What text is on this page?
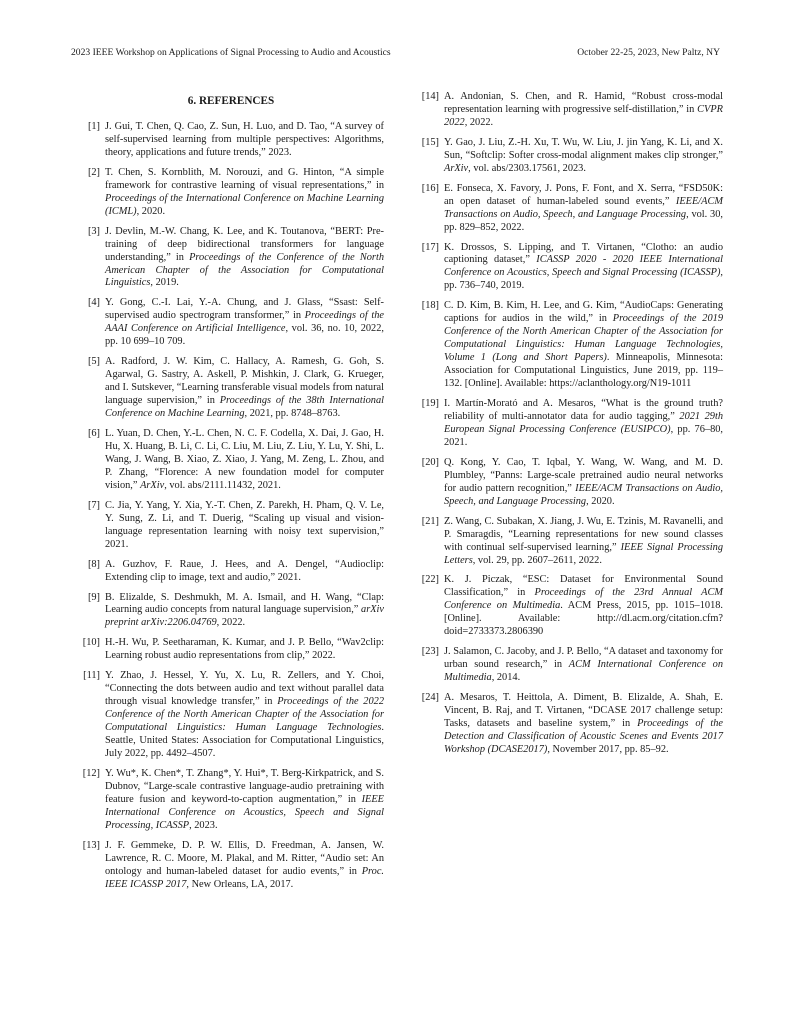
2023 IEEE Workshop on Applications of Signal Processing to Audio and Acoustics	October 22-25, 2023, New Paltz, NY
6. REFERENCES
[1] J. Gui, T. Chen, Q. Cao, Z. Sun, H. Luo, and D. Tao, “A survey of self-supervised learning from multiple perspectives: Algorithms, theory, applications and future trends,” 2023.
[2] T. Chen, S. Kornblith, M. Norouzi, and G. Hinton, “A simple framework for contrastive learning of visual representations,” in Proceedings of the International Conference on Machine Learning (ICML), 2020.
[3] J. Devlin, M.-W. Chang, K. Lee, and K. Toutanova, “BERT: Pre-training of deep bidirectional transformers for language understanding,” in Proceedings of the Conference of the North American Chapter of the Association for Computational Linguistics, 2019.
[4] Y. Gong, C.-I. Lai, Y.-A. Chung, and J. Glass, “Ssast: Self-supervised audio spectrogram transformer,” in Proceedings of the AAAI Conference on Artificial Intelligence, vol. 36, no. 10, 2022, pp. 10 699–10 709.
[5] A. Radford, J. W. Kim, C. Hallacy, A. Ramesh, G. Goh, S. Agarwal, G. Sastry, A. Askell, P. Mishkin, J. Clark, G. Krueger, and I. Sutskever, “Learning transferable visual models from natural language supervision,” in Proceedings of the 38th International Conference on Machine Learning, 2021, pp. 8748–8763.
[6] L. Yuan, D. Chen, Y.-L. Chen, N. C. F. Codella, X. Dai, J. Gao, H. Hu, X. Huang, B. Li, C. Li, C. Liu, M. Liu, Z. Liu, Y. Lu, Y. Shi, L. Wang, J. Wang, B. Xiao, Z. Xiao, J. Yang, M. Zeng, L. Zhou, and P. Zhang, “Florence: A new foundation model for computer vision,” ArXiv, vol. abs/2111.11432, 2021.
[7] C. Jia, Y. Yang, Y. Xia, Y.-T. Chen, Z. Parekh, H. Pham, Q. V. Le, Y. Sung, Z. Li, and T. Duerig, “Scaling up visual and vision-language representation learning with noisy text supervision,” 2021.
[8] A. Guzhov, F. Raue, J. Hees, and A. Dengel, “Audioclip: Extending clip to image, text and audio,” 2021.
[9] B. Elizalde, S. Deshmukh, M. A. Ismail, and H. Wang, “Clap: Learning audio concepts from natural language supervision,” arXiv preprint arXiv:2206.04769, 2022.
[10] H.-H. Wu, P. Seetharaman, K. Kumar, and J. P. Bello, “Wav2clip: Learning robust audio representations from clip,” 2022.
[11] Y. Zhao, J. Hessel, Y. Yu, X. Lu, R. Zellers, and Y. Choi, “Connecting the dots between audio and text without parallel data through visual knowledge transfer,” in Proceedings of the 2022 Conference of the North American Chapter of the Association for Computational Linguistics: Human Language Technologies. Seattle, United States: Association for Computational Linguistics, July 2022, pp. 4492–4507.
[12] Y. Wu*, K. Chen*, T. Zhang*, Y. Hui*, T. Berg-Kirkpatrick, and S. Dubnov, “Large-scale contrastive language-audio pretraining with feature fusion and keyword-to-caption augmentation,” in IEEE International Conference on Acoustics, Speech and Signal Processing, ICASSP, 2023.
[13] J. F. Gemmeke, D. P. W. Ellis, D. Freedman, A. Jansen, W. Lawrence, R. C. Moore, M. Plakal, and M. Ritter, “Audio set: An ontology and human-labeled dataset for audio events,” in Proc. IEEE ICASSP 2017, New Orleans, LA, 2017.
[14] A. Andonian, S. Chen, and R. Hamid, “Robust cross-modal representation learning with progressive self-distillation,” in CVPR 2022, 2022.
[15] Y. Gao, J. Liu, Z.-H. Xu, T. Wu, W. Liu, J. jin Yang, K. Li, and X. Sun, “Softclip: Softer cross-modal alignment makes clip stronger,” ArXiv, vol. abs/2303.17561, 2023.
[16] E. Fonseca, X. Favory, J. Pons, F. Font, and X. Serra, “FSD50K: an open dataset of human-labeled sound events,” IEEE/ACM Transactions on Audio, Speech, and Language Processing, vol. 30, pp. 829–852, 2022.
[17] K. Drossos, S. Lipping, and T. Virtanen, “Clotho: an audio captioning dataset,” ICASSP 2020 - 2020 IEEE International Conference on Acoustics, Speech and Signal Processing (ICASSP), pp. 736–740, 2019.
[18] C. D. Kim, B. Kim, H. Lee, and G. Kim, “AudioCaps: Generating captions for audios in the wild,” in Proceedings of the 2019 Conference of the North American Chapter of the Association for Computational Linguistics: Human Language Technologies, Volume 1 (Long and Short Papers). Minneapolis, Minnesota: Association for Computational Linguistics, June 2019, pp. 119–132. [Online]. Available: https://aclanthology.org/N19-1011
[19] I. Martín-Morató and A. Mesaros, “What is the ground truth? reliability of multi-annotator data for audio tagging,” 2021 29th European Signal Processing Conference (EUSIPCO), pp. 76–80, 2021.
[20] Q. Kong, Y. Cao, T. Iqbal, Y. Wang, W. Wang, and M. D. Plumbley, “Panns: Large-scale pretrained audio neural networks for audio pattern recognition,” IEEE/ACM Transactions on Audio, Speech, and Language Processing, 2020.
[21] Z. Wang, C. Subakan, X. Jiang, J. Wu, E. Tzinis, M. Ravanelli, and P. Smaragdis, “Learning representations for new sound classes with continual self-supervised learning,” IEEE Signal Processing Letters, vol. 29, pp. 2607–2611, 2022.
[22] K. J. Piczak, “ESC: Dataset for Environmental Sound Classification,” in Proceedings of the 23rd Annual ACM Conference on Multimedia. ACM Press, 2015, pp. 1015–1018. [Online]. Available: http://dl.acm.org/citation.cfm?doid=2733373.2806390
[23] J. Salamon, C. Jacoby, and J. P. Bello, “A dataset and taxonomy for urban sound research,” in ACM International Conference on Multimedia, 2014.
[24] A. Mesaros, T. Heittola, A. Diment, B. Elizalde, A. Shah, E. Vincent, B. Raj, and T. Virtanen, “DCASE 2017 challenge setup: Tasks, datasets and baseline system,” in Proceedings of the Detection and Classification of Acoustic Scenes and Events 2017 Workshop (DCASE2017), November 2017, pp. 85–92.
